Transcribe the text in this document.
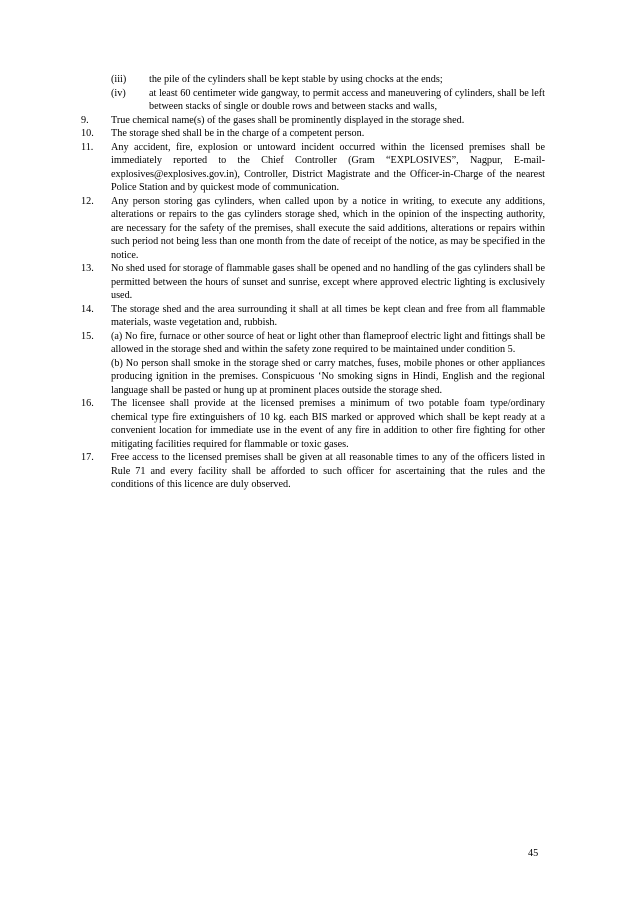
(iii)	the pile of the cylinders shall be kept stable by using chocks at the ends;
(iv)	at least 60 centimeter wide gangway, to permit access and maneuvering of cylinders, shall be left between stacks of single or double rows and between stacks and walls,
9.	True chemical name(s) of the gases shall be prominently displayed in the storage shed.

10.	The storage shed shall be in the charge of a competent person.

11.	Any accident, fire, explosion or untoward incident occurred within the licensed premises shall be immediately reported to the Chief Controller (Gram “EXPLOSIVES”, Nagpur, E-mail- explosives@explosives.gov.in), Controller, District Magistrate and the Officer-in-Charge of the nearest Police Station and by quickest mode of communication.

12.	Any person storing gas cylinders, when called upon by a notice in writing, to execute any additions, alterations or repairs to the gas cylinders storage shed, which in the opinion of the inspecting authority, are necessary for the safety of the premises, shall execute the said additions, alterations or repairs within such period not being less than one month from the date of receipt of the notice, as may be specified in the notice.

13.	No shed used for storage of flammable gases shall be opened and no handling of the gas cylinders shall be permitted between the hours of sunset and sunrise, except where approved electric lighting is exclusively used.

14.	The storage shed and the area surrounding it shall at all times be kept clean and free from all flammable materials, waste vegetation and, rubbish.

15.	(a) No fire, furnace or other source of heat or light other than flameproof electric light and fittings shall be allowed in the storage shed and within the safety zone required to be maintained under condition 5.

(b) No person shall smoke in the storage shed or carry matches, fuses, mobile phones or other appliances producing ignition in the premises. Conspicuous ‘No smoking signs in Hindi, English and the regional language shall be pasted or hung up at prominent places outside the storage shed.

16.	The licensee shall provide at the licensed premises a minimum of two potable foam type/ordinary chemical type fire extinguishers of 10 kg. each BIS marked or approved which shall be kept ready at a convenient location for immediate use in the event of any fire in addition to other fire fighting for other mitigating facilities required for flammable or toxic gases.

17.	Free access to the licensed premises shall be given at all reasonable times to any of the officers listed in Rule 71 and every facility shall be afforded to such officer for ascertaining that the rules and the conditions of this licence are duly observed.

45
